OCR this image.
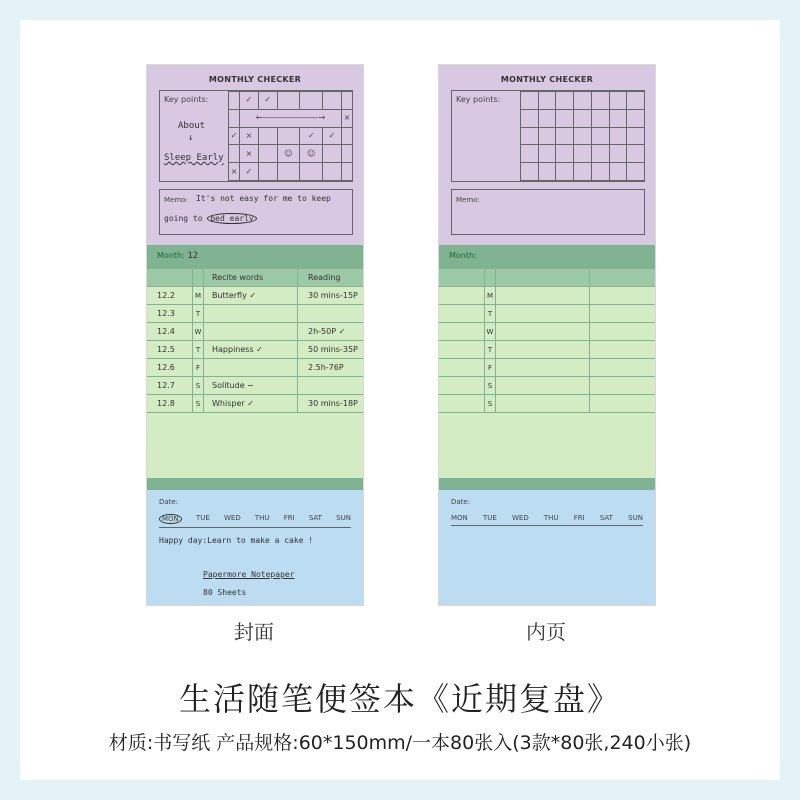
MONTHLY CHECKER
Key points:
About
↓
Sleep Early
	✓	✓				
	←―――――――→					×
✓	×			✓	✓	
	×		☺	☺		
×	✓					
Memo: It's not easy for me to keep
going to bed early
Month: 12
		Recite words	Reading
12.2	M	Butterfly ✓	30 mins-15P
12.3	T		
12.4	W		2h-50P ✓
12.5	T	Happiness ✓	50 mins-35P
12.6	F		2.5h-76P
12.7	S	Solitude ∽	
12.8	S	Whisper ✓	30 mins-18P
Date:
MON	TUE WED THU FRI SAT SUN
Happy day:Learn to make a cake !
Papermore Notepaper
80 Sheets
MONTHLY CHECKER
Key points:

Memo:
Month:

	M		
	T		
	W		
	T		
	F		
	S		
	S		
Date:
MON TUE WED THU FRI SAT SUN
封面	内页
生活随笔便签本《近期复盘》
材质:书写纸 产品规格:60*150mm/一本80张入(3款*80张,240小张)
